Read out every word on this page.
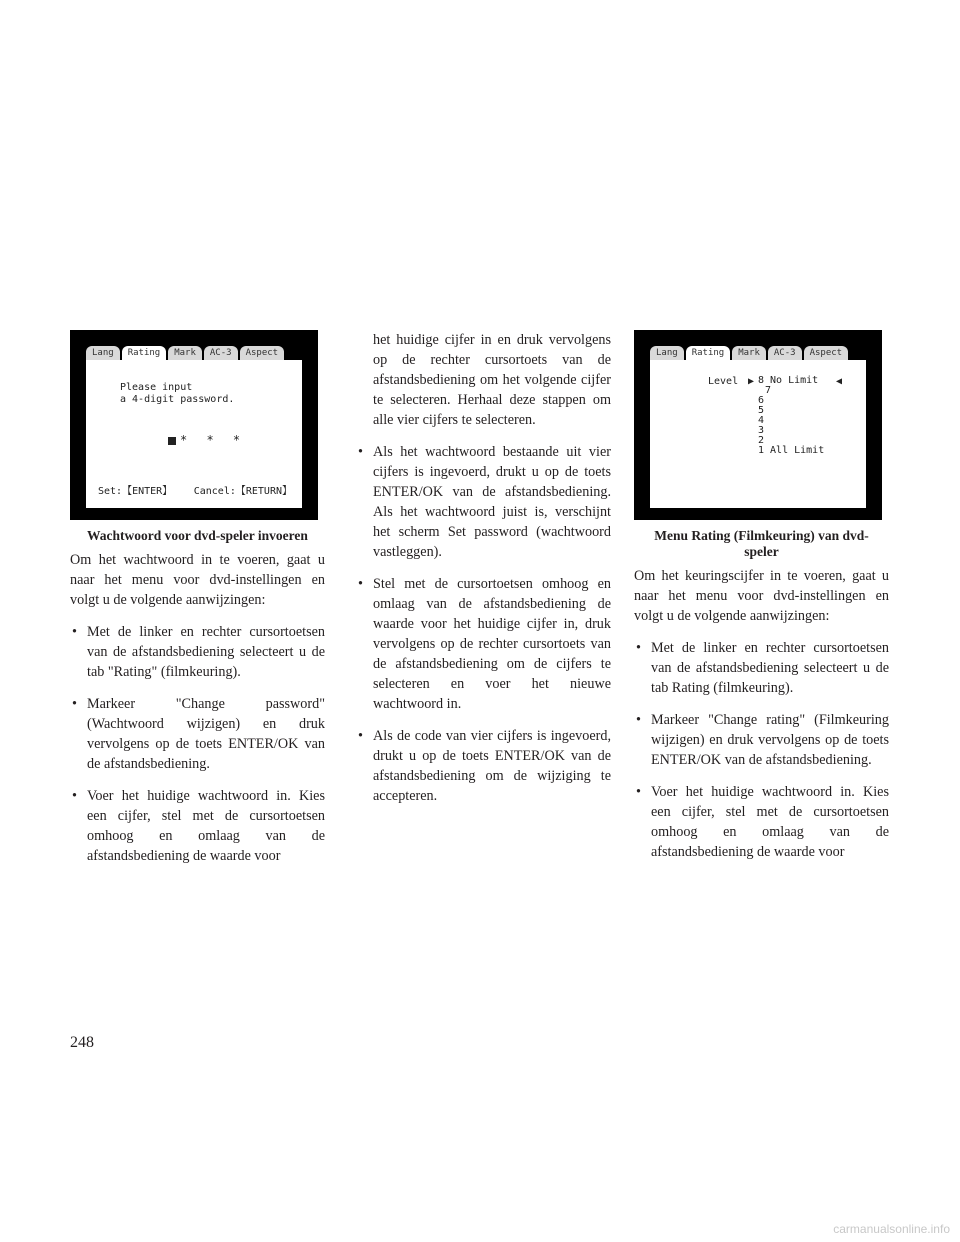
Lang	Rating	Mark	AC-3	Aspect
Please input
a 4-digit password.
* * *
Set:【ENTER】 Cancel:【RETURN】
Wachtwoord voor dvd-speler invoeren

Om het wachtwoord in te voeren, gaat u naar het menu voor dvd-instellingen en volgt u de volgende aanwijzingen:

• Met de linker en rechter cursortoetsen van de afstandsbediening selecteert u de tab "Rating" (filmkeuring).
• Markeer "Change password" (Wachtwoord wijzigen) en druk vervolgens op de toets ENTER/OK van de afstandsbediening.
• Voer het huidige wachtwoord in. Kies een cijfer, stel met de cursortoetsen omhoog en omlaag van de afstandsbediening de waarde voor

het huidige cijfer in en druk vervolgens op de rechter cursortoets van de afstandsbediening om het volgende cijfer te selecteren. Herhaal deze stappen om alle vier cijfers te selecteren.

• Als het wachtwoord bestaande uit vier cijfers is ingevoerd, drukt u op de toets ENTER/OK van de afstandsbediening. Als het wachtwoord juist is, verschijnt het scherm Set password (wachtwoord vastleggen).
• Stel met de cursortoetsen omhoog en omlaag van de afstandsbediening de waarde voor het huidige cijfer in, druk vervolgens op de rechter cursortoets van de afstandsbediening om de cijfers te selecteren en voer het nieuwe wachtwoord in.
• Als de code van vier cijfers is ingevoerd, drukt u op de toets ENTER/OK van de afstandsbediening om de wijziging te accepteren.
Lang	Rating	Mark	AC-3	Aspect
Level ▶ 8 No Limit
7
6
5
4
3
2
1 All Limit
◀
Menu Rating (Filmkeuring) van dvd-speler

Om het keuringscijfer in te voeren, gaat u naar het menu voor dvd-instellingen en volgt u de volgende aanwijzingen:

• Met de linker en rechter cursortoetsen van de afstandsbediening selecteert u de tab Rating (filmkeuring).
• Markeer "Change rating" (Filmkeuring wijzigen) en druk vervolgens op de toets ENTER/OK van de afstandsbediening.
• Voer het huidige wachtwoord in. Kies een cijfer, stel met de cursortoetsen omhoog en omlaag van de afstandsbediening de waarde voor
248
carmanualsonline.info
